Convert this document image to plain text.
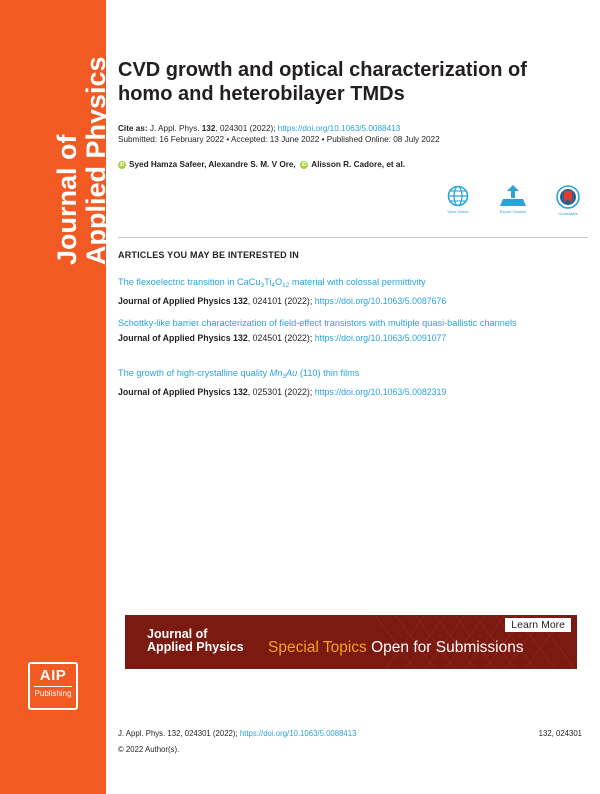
Journal of Applied Physics
AIP
Publishing
CVD growth and optical characterization of homo and heterobilayer TMDs
Cite as: J. Appl. Phys. 132, 024301 (2022); https://doi.org/10.1063/5.0088413
Submitted: 16 February 2022 • Accepted: 13 June 2022 • Published Online: 08 July 2022
iD Syed Hamza Safeer, Alexandre S. M. V Ore, iD Alisson R. Cadore, et al.
View Online	Export Citation	CrossMark
ARTICLES YOU MAY BE INTERESTED IN
The flexoelectric transition in $CaCu_3Ti_4O_{12}$ material with colossal permittivity
Journal of Applied Physics 132, 024101 (2022); https://doi.org/10.1063/5.0087676
Schottky-like barrier characterization of field-effect transistors with multiple quasi-ballistic channels
Journal of Applied Physics 132, 024501 (2022); https://doi.org/10.1063/5.0091077
The growth of high-crystalline quality $Mn_3Au$ (110) thin films
Journal of Applied Physics 132, 025301 (2022); https://doi.org/10.1063/5.0082319
Journal of
Applied Physics Special Topics Open for Submissions
Learn More
J. Appl. Phys. 132, 024301 (2022); https://doi.org/10.1063/5.0088413	132, 024301
© 2022 Author(s).
